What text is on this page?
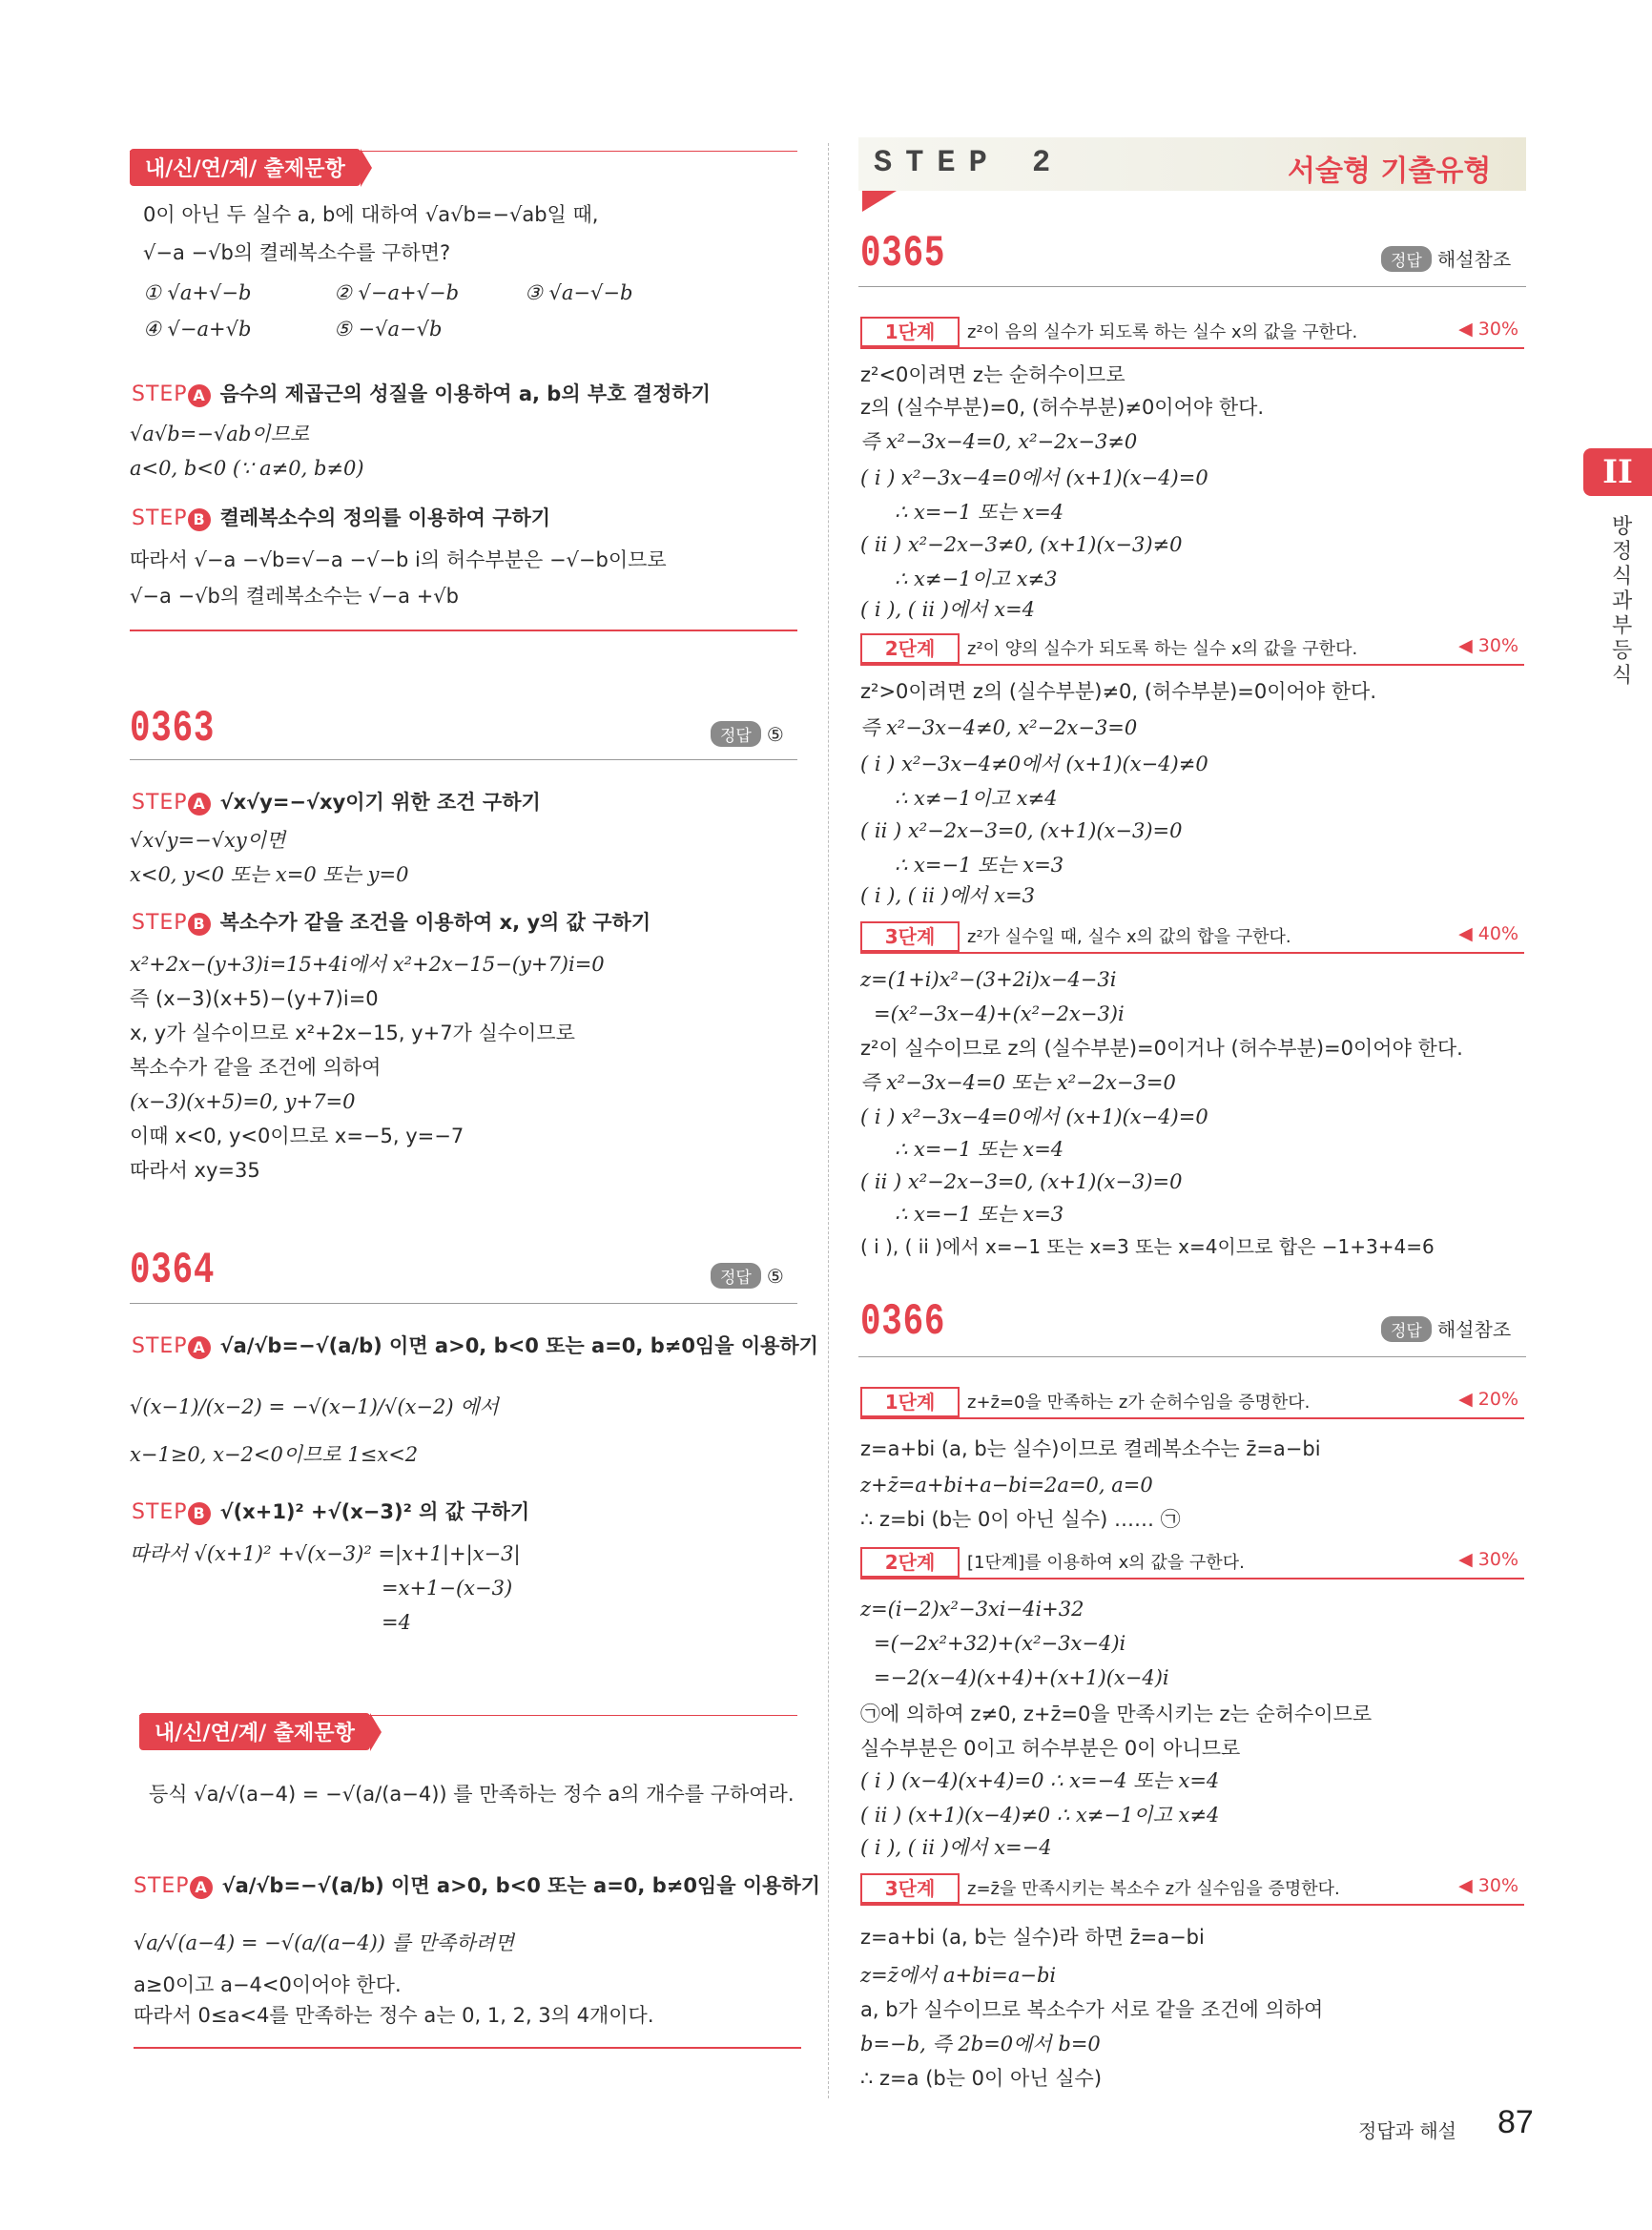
내/신/연/계/ 출제문항
0이 아닌 두 실수 a, b에 대하여 √a√b=−√ab일 때,
√−a −√b의 켤레복소수를 구하면?
① √a+√−b	② √−a+√−b	③ √a−√−b
④ √−a+√b	⑤ −√a−√b
STEP A 음수의 제곱근의 성질을 이용하여 a, b의 부호 결정하기
√a√b=−√ab이므로
a<0, b<0 (∵ a≠0, b≠0)
STEP B 켤레복소수의 정의를 이용하여 구하기
따라서 √−a −√b=√−a −√−b i의 허수부분은 −√−b이므로
√−a −√b의 켤레복소수는 √−a +√b
0363	정답 ⑤
STEP A √x√y=−√xy이기 위한 조건 구하기
√x√y=−√xy이면
x<0, y<0 또는 x=0 또는 y=0
STEP B 복소수가 같을 조건을 이용하여 x, y의 값 구하기
x²+2x−(y+3)i=15+4i에서 x²+2x−15−(y+7)i=0
즉 (x−3)(x+5)−(y+7)i=0
x, y가 실수이므로 x²+2x−15, y+7가 실수이므로
복소수가 같을 조건에 의하여
(x−3)(x+5)=0, y+7=0
이때 x<0, y<0이므로 x=−5, y=−7
따라서 xy=35
0364	정답 ⑤
STEP A √a/√b=−√(a/b) 이면 a>0, b<0 또는 a=0, b≠0임을 이용하기
√(x−1)/(x−2) = −√(x−1)/√(x−2) 에서
x−1≥0, x−2<0이므로 1≤x<2
STEP B √(x+1)² +√(x−3)² 의 값 구하기
따라서 √(x+1)² +√(x−3)² =|x+1|+|x−3|
=x+1−(x−3)
=4
내/신/연/계/ 출제문항
등식 √a/√(a−4) = −√(a/(a−4)) 를 만족하는 정수 a의 개수를 구하여라.
STEP A √a/√b=−√(a/b) 이면 a>0, b<0 또는 a=0, b≠0임을 이용하기
√a/√(a−4) = −√(a/(a−4)) 를 만족하려면
a≥0이고 a−4<0이어야 한다.
따라서 0≤a<4를 만족하는 정수 a는 0, 1, 2, 3의 4개이다.
STEP 2	서술형 기출유형
0365	정답 해설참조
1단계	z²이 음의 실수가 되도록 하는 실수 x의 값을 구한다.	◀ 30%
z²<0이려면 z는 순허수이므로
z의 (실수부분)=0, (허수부분)≠0이어야 한다.
즉 x²−3x−4=0, x²−2x−3≠0
( i ) x²−3x−4=0에서 (x+1)(x−4)=0
∴ x=−1 또는 x=4
( ii ) x²−2x−3≠0, (x+1)(x−3)≠0
∴ x≠−1이고 x≠3
( i ), ( ii )에서 x=4
2단계	z²이 양의 실수가 되도록 하는 실수 x의 값을 구한다.	◀ 30%
z²>0이려면 z의 (실수부분)≠0, (허수부분)=0이어야 한다.
즉 x²−3x−4≠0, x²−2x−3=0
( i ) x²−3x−4≠0에서 (x+1)(x−4)≠0
∴ x≠−1이고 x≠4
( ii ) x²−2x−3=0, (x+1)(x−3)=0
∴ x=−1 또는 x=3
( i ), ( ii )에서 x=3
3단계	z²가 실수일 때, 실수 x의 값의 합을 구한다.	◀ 40%
z=(1+i)x²−(3+2i)x−4−3i
=(x²−3x−4)+(x²−2x−3)i
z²이 실수이므로 z의 (실수부분)=0이거나 (허수부분)=0이어야 한다.
즉 x²−3x−4=0 또는 x²−2x−3=0
( i ) x²−3x−4=0에서 (x+1)(x−4)=0
∴ x=−1 또는 x=4
( ii ) x²−2x−3=0, (x+1)(x−3)=0
∴ x=−1 또는 x=3
( i ), ( ii )에서 x=−1 또는 x=3 또는 x=4이므로 합은 −1+3+4=6
0366	정답 해설참조
1단계	z+z̄=0을 만족하는 z가 순허수임을 증명한다.	◀ 20%
z=a+bi (a, b는 실수)이므로 켤레복소수는 z̄=a−bi
z+z̄=a+bi+a−bi=2a=0, a=0
∴ z=bi (b는 0이 아닌 실수) …… ㉠
2단계	[1단계]를 이용하여 x의 값을 구한다.	◀ 30%
z=(i−2)x²−3xi−4i+32
=(−2x²+32)+(x²−3x−4)i
=−2(x−4)(x+4)+(x+1)(x−4)i
㉠에 의하여 z≠0, z+z̄=0을 만족시키는 z는 순허수이므로
실수부분은 0이고 허수부분은 0이 아니므로
( i ) (x−4)(x+4)=0 ∴ x=−4 또는 x=4
( ii ) (x+1)(x−4)≠0 ∴ x≠−1이고 x≠4
( i ), ( ii )에서 x=−4
3단계	z=z̄을 만족시키는 복소수 z가 실수임을 증명한다.	◀ 30%
z=a+bi (a, b는 실수)라 하면 z̄=a−bi
z=z̄에서 a+bi=a−bi
a, b가 실수이므로 복소수가 서로 같을 조건에 의하여
b=−b, 즉 2b=0에서 b=0
∴ z=a (b는 0이 아닌 실수)
II
방정식과 부등식
정답과 해설 87
